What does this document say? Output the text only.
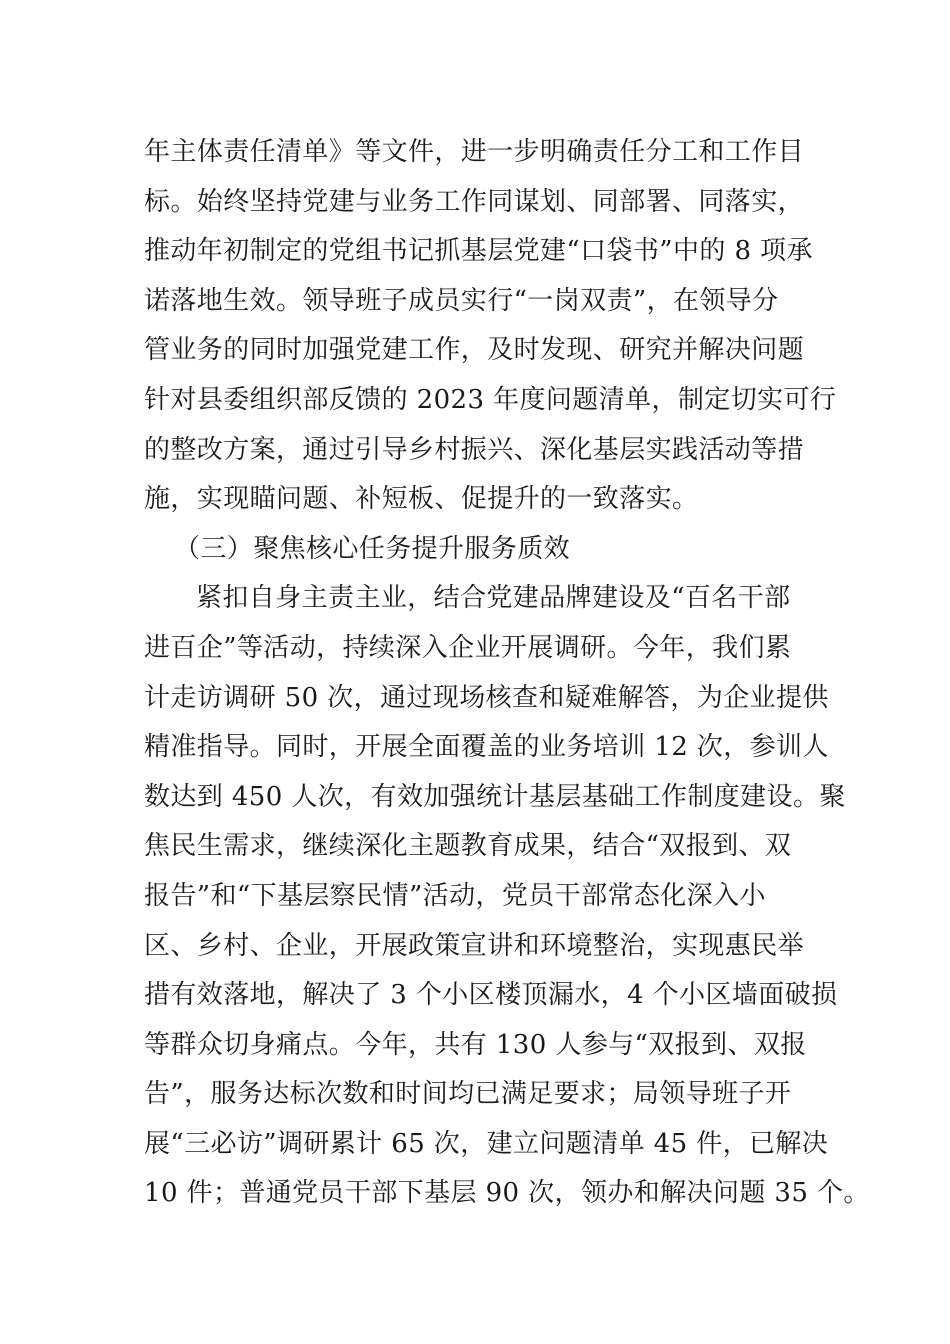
年主体责任清单》等文件，进一步明确责任分工和工作目
标。始终坚持党建与业务工作同谋划、同部署、同落实，
推动年初制定的党组书记抓基层党建“口袋书”中的 8 项承
诺落地生效。领导班子成员实行“一岗双责”，在领导分
管业务的同时加强党建工作，及时发现、研究并解决问题
针对县委组织部反馈的 2023 年度问题清单，制定切实可行
的整改方案，通过引导乡村振兴、深化基层实践活动等措
施，实现瞄问题、补短板、促提升的一致落实。
（三）聚焦核心任务提升服务质效
紧扣自身主责主业，结合党建品牌建设及“百名干部
进百企”等活动，持续深入企业开展调研。今年，我们累
计走访调研 50 次，通过现场核查和疑难解答，为企业提供
精准指导。同时，开展全面覆盖的业务培训 12 次，参训人
数达到 450 人次，有效加强统计基层基础工作制度建设。聚
焦民生需求，继续深化主题教育成果，结合“双报到、双
报告”和“下基层察民情”活动，党员干部常态化深入小
区、乡村、企业，开展政策宣讲和环境整治，实现惠民举
措有效落地，解决了 3 个小区楼顶漏水，4 个小区墙面破损
等群众切身痛点。今年，共有 130 人参与“双报到、双报
告”，服务达标次数和时间均已满足要求；局领导班子开
展“三必访”调研累计 65 次，建立问题清单 45 件，已解决
10 件；普通党员干部下基层 90 次，领办和解决问题 35 个。
